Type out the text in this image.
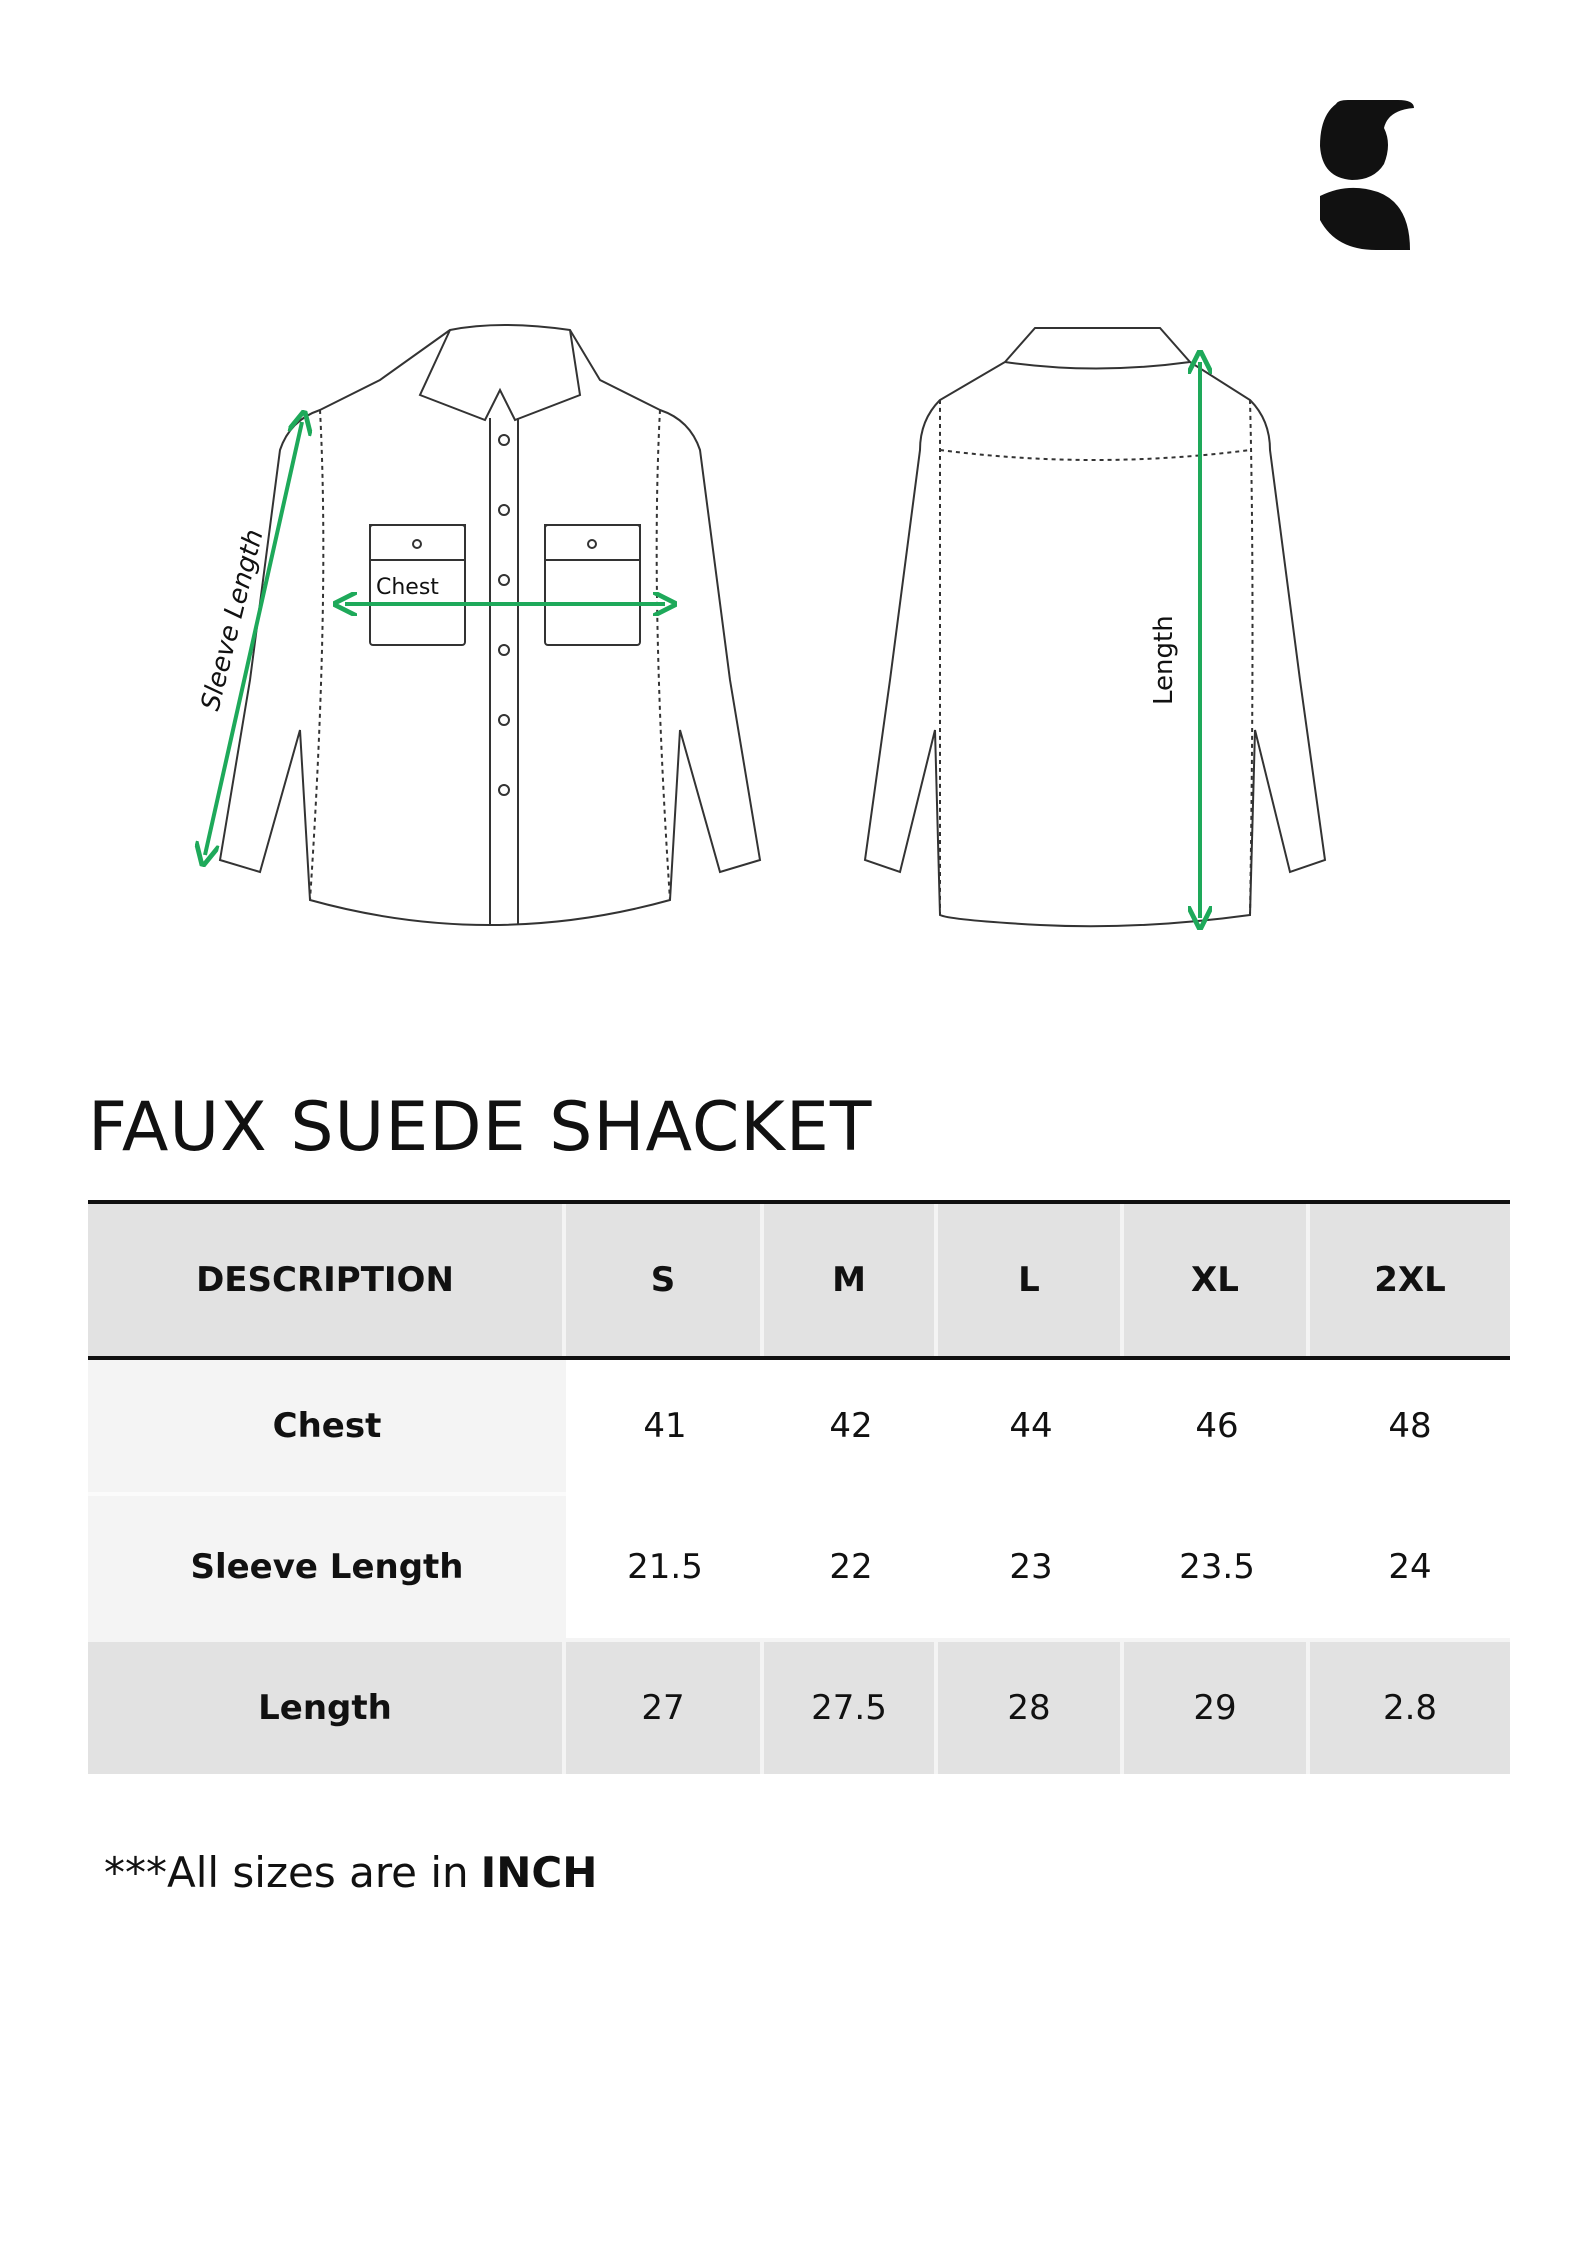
Chest
Sleeve Length	Length
FAUX SUEDE SHACKET
DESCRIPTION	S	M	L	XL	2XL
Chest	41	42	44	46	48
Sleeve Length	21.5	22	23	23.5	24
Length	27	27.5	28	29	2.8
***All sizes are in INCH
